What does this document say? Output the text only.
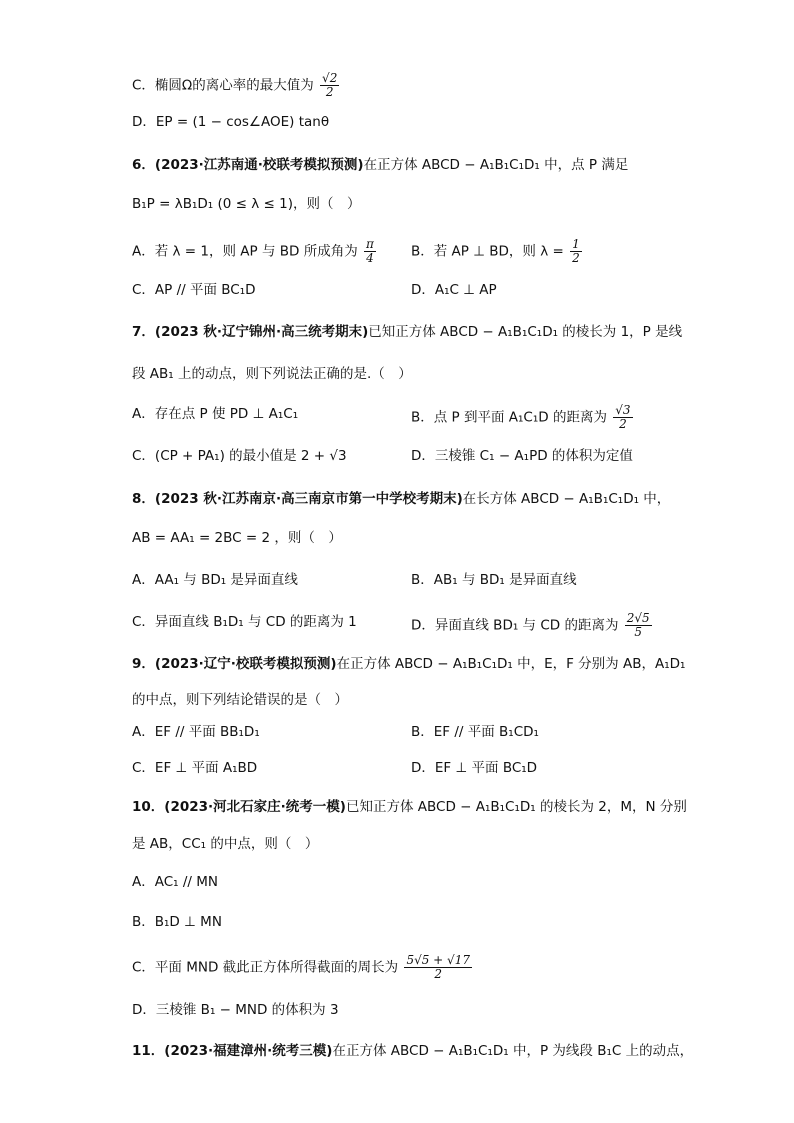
C．椭圆Ω的离心率的最大值为 $\frac{√2}{2}$
D．EP = (1 − cos∠AOE) tanθ
6．(2023·江苏南通·校联考模拟预测)在正方体 ABCD − A₁B₁C₁D₁ 中，点 P 满足
B₁P = λB₁D₁ (0 ≤ λ ≤ 1)，则（　）
A．若 λ = 1，则 AP 与 BD 所成角为 $\frac{\pi}{4}$	B．若 AP ⊥ BD，则 $\lambda = \frac{1}{2}$
C．AP // 平面 BC₁D	D．A₁C ⊥ AP
7．(2023 秋·辽宁锦州·高三统考期末)已知正方体 ABCD − A₁B₁C₁D₁ 的棱长为 1，P 是线
段 AB₁ 上的动点，则下列说法正确的是.（　）
A．存在点 P 使 PD ⊥ A₁C₁	B．点 P 到平面 A₁C₁D 的距离为 $\frac{√3}{2}$
C．(CP + PA₁) 的最小值是 2 + √3	D．三棱锥 C₁ − A₁PD 的体积为定值
8．(2023 秋·江苏南京·高三南京市第一中学校考期末)在长方体 ABCD − A₁B₁C₁D₁ 中，
AB = AA₁ = 2BC = 2 ，则（　）
A．AA₁ 与 BD₁ 是异面直线	B．AB₁ 与 BD₁ 是异面直线
C．异面直线 B₁D₁ 与 CD 的距离为 1	D．异面直线 BD₁ 与 CD 的距离为 $\frac{2√5}{5}$
9．(2023·辽宁·校联考模拟预测)在正方体 ABCD − A₁B₁C₁D₁ 中，E，F 分别为 AB，A₁D₁
的中点，则下列结论错误的是（　）
A．EF // 平面 BB₁D₁	B．EF // 平面 B₁CD₁
C．EF ⊥ 平面 A₁BD	D．EF ⊥ 平面 BC₁D
10．(2023·河北石家庄·统考一模)已知正方体 ABCD − A₁B₁C₁D₁ 的棱长为 2，M，N 分别
是 AB，CC₁ 的中点，则（　）
A．AC₁ // MN
B．B₁D ⊥ MN
C．平面 MND 截此正方体所得截面的周长为 $\frac{5√5 + √17}{2}$
D．三棱锥 B₁ − MND 的体积为 3
11．(2023·福建漳州·统考三模)在正方体 ABCD − A₁B₁C₁D₁ 中，P 为线段 B₁C 上的动点，
